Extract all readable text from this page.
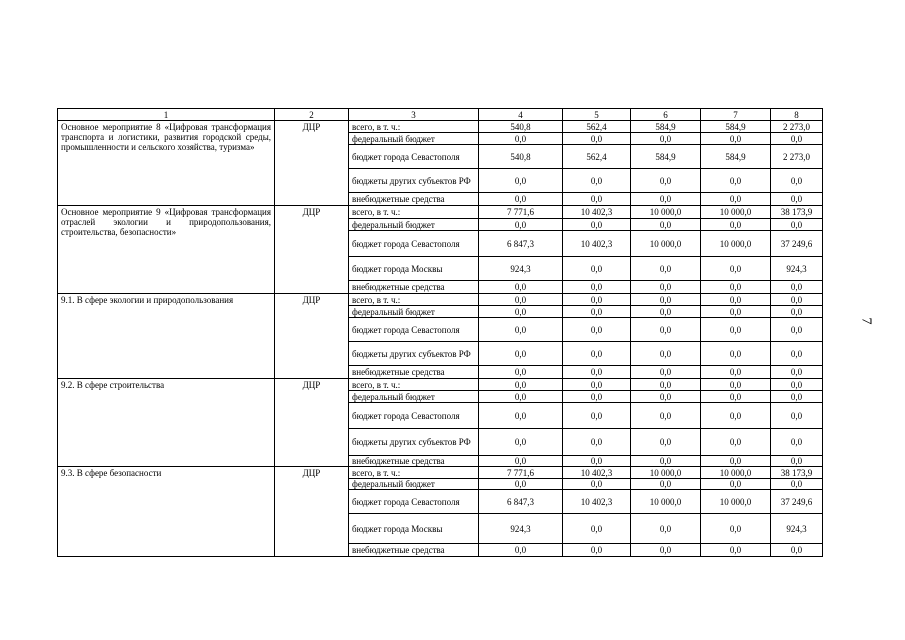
1	2	3	4	5	6	7	8
Основное мероприятие 8 «Цифровая трансформация транспорта и логистики, развития городской среды, промышленности и сельского хозяйства, туризма»	ДЦР	всего, в т. ч.:	540,8	562,4	584,9	584,9	2 273,0
		федеральный бюджет	0,0	0,0	0,0	0,0	0,0
		бюджет города Севастополя	540,8	562,4	584,9	584,9	2 273,0
		бюджеты других субъектов РФ	0,0	0,0	0,0	0,0	0,0
		внебюджетные средства	0,0	0,0	0,0	0,0	0,0
Основное мероприятие 9 «Цифровая трансформация отраслей экологии и природопользования, строительства, безопасности»	ДЦР	всего, в т. ч.:	7 771,6	10 402,3	10 000,0	10 000,0	38 173,9
		федеральный бюджет	0,0	0,0	0,0	0,0	0,0
		бюджет города Севастополя	6 847,3	10 402,3	10 000,0	10 000,0	37 249,6
		бюджет города Москвы	924,3	0,0	0,0	0,0	924,3
		внебюджетные средства	0,0	0,0	0,0	0,0	0,0
9.1. В сфере экологии и природопользования	ДЦР	всего, в т. ч.:	0,0	0,0	0,0	0,0	0,0
		федеральный бюджет	0,0	0,0	0,0	0,0	0,0
		бюджет города Севастополя	0,0	0,0	0,0	0,0	0,0
		бюджеты других субъектов РФ	0,0	0,0	0,0	0,0	0,0
		внебюджетные средства	0,0	0,0	0,0	0,0	0,0
9.2. В сфере строительства	ДЦР	всего, в т. ч.:	0,0	0,0	0,0	0,0	0,0
		федеральный бюджет	0,0	0,0	0,0	0,0	0,0
		бюджет города Севастополя	0,0	0,0	0,0	0,0	0,0
		бюджеты других субъектов РФ	0,0	0,0	0,0	0,0	0,0
		внебюджетные средства	0,0	0,0	0,0	0,0	0,0
9.3. В сфере безопасности	ДЦР	всего, в т. ч.:	7 771,6	10 402,3	10 000,0	10 000,0	38 173,9
		федеральный бюджет	0,0	0,0	0,0	0,0	0,0
		бюджет города Севастополя	6 847,3	10 402,3	10 000,0	10 000,0	37 249,6
		бюджет города Москвы	924,3	0,0	0,0	0,0	924,3
		внебюджетные средства	0,0	0,0	0,0	0,0	0,0
7
